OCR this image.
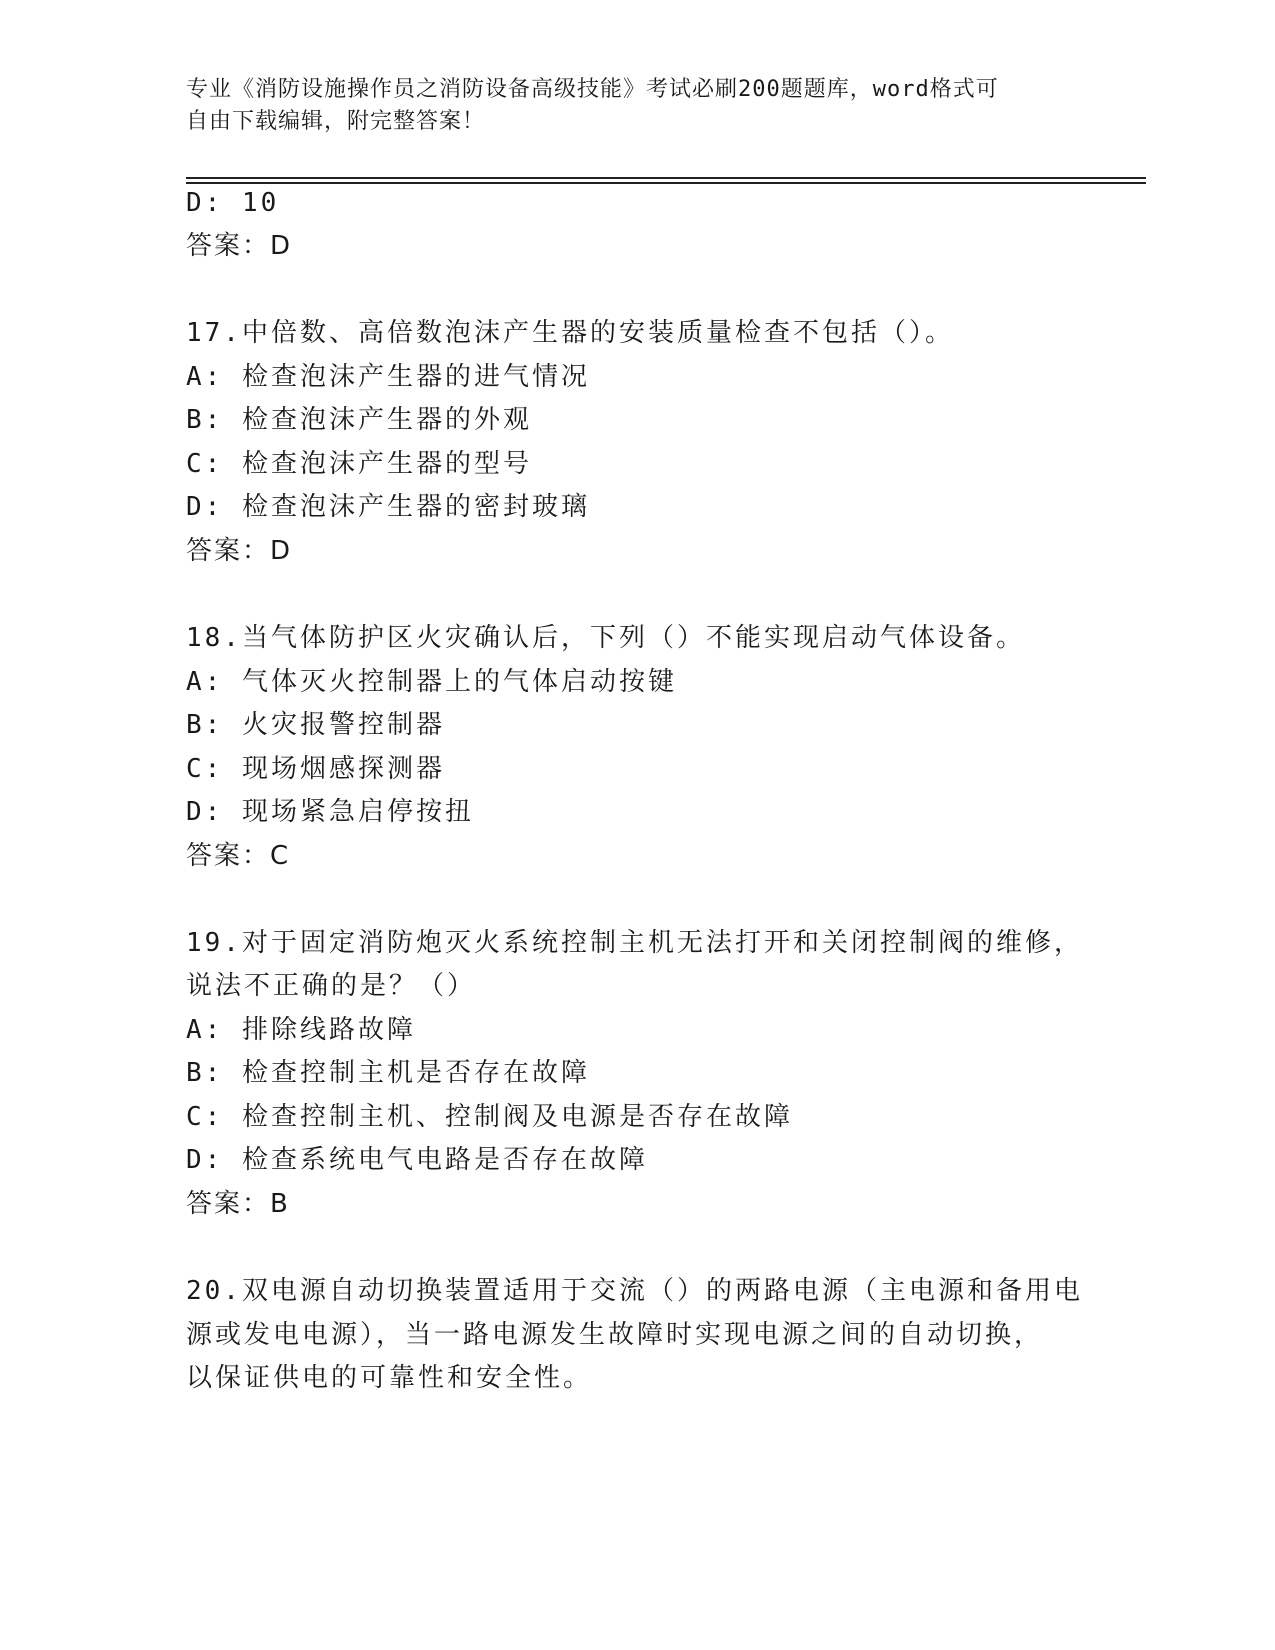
专业《消防设施操作员之消防设备高级技能》考试必刷200题题库，word格式可
自由下载编辑，附完整答案！
D: 10
答案：D
17.中倍数、高倍数泡沫产生器的安装质量检查不包括（）。
A: 检查泡沫产生器的进气情况
B: 检查泡沫产生器的外观
C: 检查泡沫产生器的型号
D: 检查泡沫产生器的密封玻璃
答案：D
18.当气体防护区火灾确认后，下列（）不能实现启动气体设备。
A: 气体灭火控制器上的气体启动按键
B: 火灾报警控制器
C: 现场烟感探测器
D: 现场紧急启停按扭
答案：C
19.对于固定消防炮灭火系统控制主机无法打开和关闭控制阀的维修，
说法不正确的是？（）
A: 排除线路故障
B: 检查控制主机是否存在故障
C: 检查控制主机、控制阀及电源是否存在故障
D: 检查系统电气电路是否存在故障
答案：B
20.双电源自动切换装置适用于交流（）的两路电源（主电源和备用电
源或发电电源），当一路电源发生故障时实现电源之间的自动切换，
以保证供电的可靠性和安全性。
